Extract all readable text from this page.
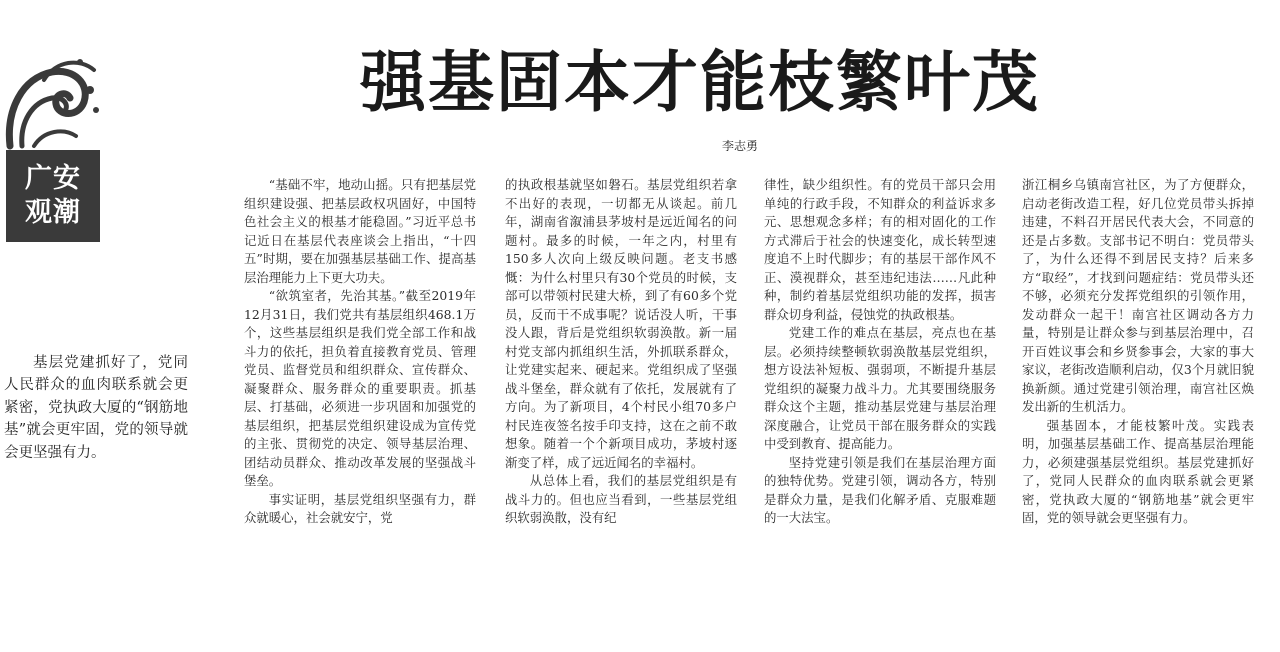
广安
观潮
强基固本才能枝繁叶茂
李志勇

基层党建抓好了，党同人民群众的血肉联系就会更紧密，党执政大厦的“钢筋地基”就会更牢固，党的领导就会更坚强有力。

“基础不牢，地动山摇。只有把基层党组织建设强、把基层政权巩固好，中国特色社会主义的根基才能稳固。”习近平总书记近日在基层代表座谈会上指出，“十四五”时期，要在加强基层基础工作、提高基层治理能力上下更大功夫。

“欲筑室者，先治其基。”截至2019年12月31日，我们党共有基层组织468.1万个，这些基层组织是我们党全部工作和战斗力的依托，担负着直接教育党员、管理党员、监督党员和组织群众、宣传群众、凝聚群众、服务群众的重要职责。抓基层、打基础，必须进一步巩固和加强党的基层组织，把基层党组织建设成为宣传党的主张、贯彻党的决定、领导基层治理、团结动员群众、推动改革发展的坚强战斗堡垒。

事实证明，基层党组织坚强有力，群众就暖心，社会就安宁，党

的执政根基就坚如磐石。基层党组织若拿不出好的表现，一切都无从谈起。前几年，湖南省溆浦县茅坡村是远近闻名的问题村。最多的时候，一年之内，村里有150多人次向上级反映问题。老支书感慨：为什么村里只有30个党员的时候，支部可以带领村民建大桥，到了有60多个党员，反而干不成事呢？说话没人听，干事没人跟，背后是党组织软弱涣散。新一届村党支部内抓组织生活，外抓联系群众，让党建实起来、硬起来。党组织成了坚强战斗堡垒，群众就有了依托，发展就有了方向。为了新项目，4个村民小组70多户村民连夜签名按手印支持，这在之前不敢想象。随着一个个新项目成功，茅坡村逐渐变了样，成了远近闻名的幸福村。

从总体上看，我们的基层党组织是有战斗力的。但也应当看到，一些基层党组织软弱涣散，没有纪

律性，缺少组织性。有的党员干部只会用单纯的行政手段，不知群众的利益诉求多元、思想观念多样；有的相对固化的工作方式滞后于社会的快速变化，成长转型速度追不上时代脚步；有的基层干部作风不正、漠视群众，甚至违纪违法……凡此种种，制约着基层党组织功能的发挥，损害群众切身利益，侵蚀党的执政根基。

党建工作的难点在基层，亮点也在基层。必须持续整顿软弱涣散基层党组织，想方设法补短板、强弱项，不断提升基层党组织的凝聚力战斗力。尤其要围绕服务群众这个主题，推动基层党建与基层治理深度融合，让党员干部在服务群众的实践中受到教育、提高能力。

坚持党建引领是我们在基层治理方面的独特优势。党建引领，调动各方，特别是群众力量，是我们化解矛盾、克服难题的一大法宝。

浙江桐乡乌镇南宫社区，为了方便群众，启动老街改造工程，好几位党员带头拆掉违建，不料召开居民代表大会，不同意的还是占多数。支部书记不明白：党员带头了，为什么还得不到居民支持？后来多方“取经”，才找到问题症结：党员带头还不够，必须充分发挥党组织的引领作用，发动群众一起干！南宫社区调动各方力量，特别是让群众参与到基层治理中，召开百姓议事会和乡贤参事会，大家的事大家议，老街改造顺利启动，仅3个月就旧貌换新颜。通过党建引领治理，南宫社区焕发出新的生机活力。

强基固本，才能枝繁叶茂。实践表明，加强基层基础工作、提高基层治理能力，必须建强基层党组织。基层党建抓好了，党同人民群众的血肉联系就会更紧密，党执政大厦的“钢筋地基”就会更牢固，党的领导就会更坚强有力。
